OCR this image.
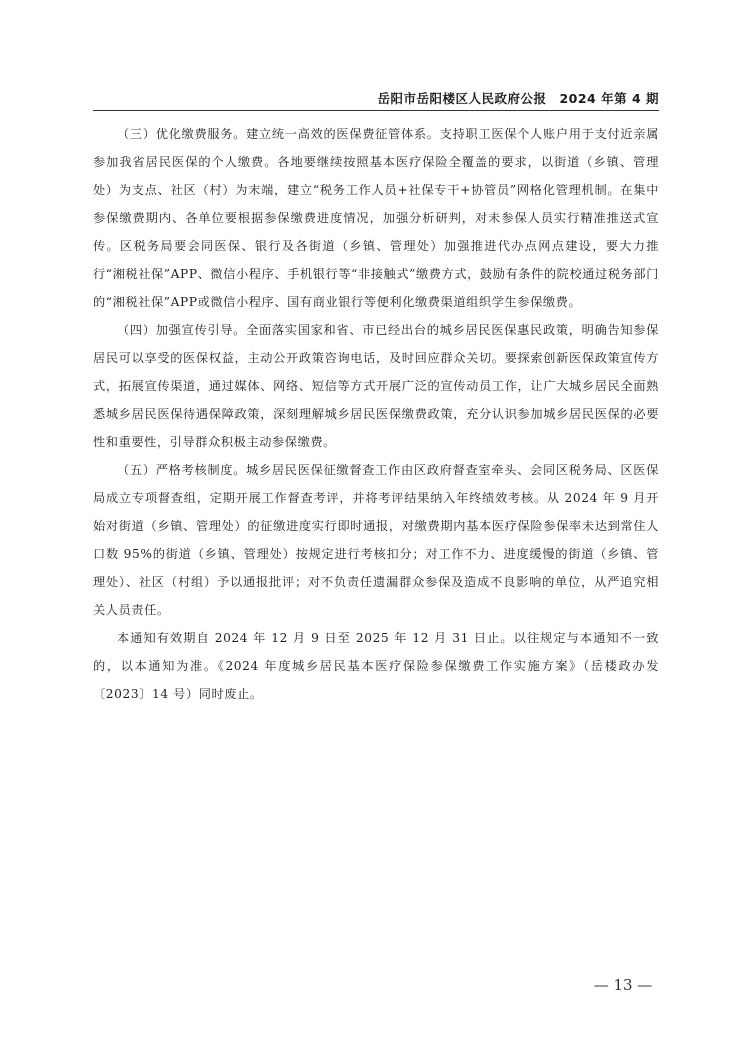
岳阳市岳阳楼区人民政府公报　2024 年第 4 期

（三）优化缴费服务。建立统一高效的医保费征管体系。支持职工医保个人账户用于支付近亲属参加我省居民医保的个人缴费。各地要继续按照基本医疗保险全覆盖的要求，以街道（乡镇、管理处）为支点、社区（村）为末端，建立“税务工作人员+社保专干+协管员”网格化管理机制。在集中参保缴费期内、各单位要根据参保缴费进度情况，加强分析研判，对未参保人员实行精准推送式宣传。区税务局要会同医保、银行及各街道（乡镇、管理处）加强推进代办点网点建设，要大力推行“湘税社保”APP、微信小程序、手机银行等“非接触式”缴费方式，鼓励有条件的院校通过税务部门的“湘税社保”APP或微信小程序、国有商业银行等便利化缴费渠道组织学生参保缴费。

（四）加强宣传引导。全面落实国家和省、市已经出台的城乡居民医保惠民政策，明确告知参保居民可以享受的医保权益，主动公开政策咨询电话，及时回应群众关切。要探索创新医保政策宣传方式，拓展宣传渠道，通过媒体、网络、短信等方式开展广泛的宣传动员工作，让广大城乡居民全面熟悉城乡居民医保待遇保障政策，深刻理解城乡居民医保缴费政策，充分认识参加城乡居民医保的必要性和重要性，引导群众积极主动参保缴费。

（五）严格考核制度。城乡居民医保征缴督查工作由区政府督查室牵头、会同区税务局、区医保局成立专项督查组，定期开展工作督查考评，并将考评结果纳入年终绩效考核。从 2024 年 9 月开始对街道（乡镇、管理处）的征缴进度实行即时通报，对缴费期内基本医疗保险参保率未达到常住人口数 95%的街道（乡镇、管理处）按规定进行考核扣分；对工作不力、进度缓慢的街道（乡镇、管理处）、社区（村组）予以通报批评；对不负责任遗漏群众参保及造成不良影响的单位，从严追究相关人员责任。

本通知有效期自 2024 年 12 月 9 日至 2025 年 12 月 31 日止。以往规定与本通知不一致的，以本通知为准。《2024 年度城乡居民基本医疗保险参保缴费工作实施方案》（岳楼政办发〔2023〕14 号）同时废止。

— 13 —
